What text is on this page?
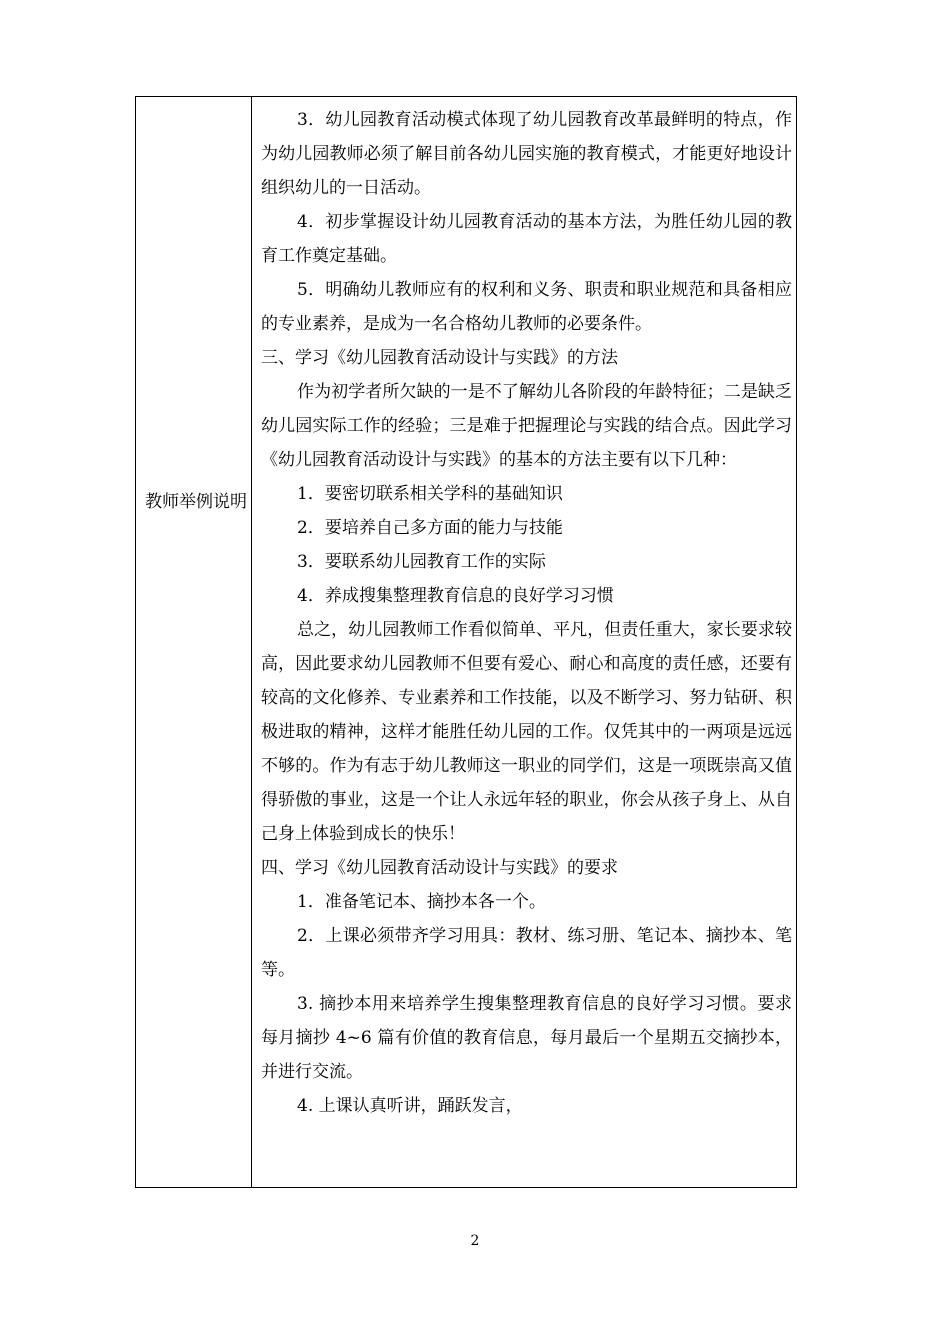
教师举例说明

3．幼儿园教育活动模式体现了幼儿园教育改革最鲜明的特点，作为幼儿园教师必须了解目前各幼儿园实施的教育模式，才能更好地设计组织幼儿的一日活动。

4．初步掌握设计幼儿园教育活动的基本方法，为胜任幼儿园的教育工作奠定基础。

5．明确幼儿教师应有的权利和义务、职责和职业规范和具备相应的专业素养，是成为一名合格幼儿教师的必要条件。

三、学习《幼儿园教育活动设计与实践》的方法

作为初学者所欠缺的一是不了解幼儿各阶段的年龄特征；二是缺乏幼儿园实际工作的经验；三是难于把握理论与实践的结合点。因此学习《幼儿园教育活动设计与实践》的基本的方法主要有以下几种：

1．要密切联系相关学科的基础知识

2．要培养自己多方面的能力与技能

3．要联系幼儿园教育工作的实际

4．养成搜集整理教育信息的良好学习习惯

总之，幼儿园教师工作看似简单、平凡，但责任重大，家长要求较高，因此要求幼儿园教师不但要有爱心、耐心和高度的责任感，还要有较高的文化修养、专业素养和工作技能，以及不断学习、努力钻研、积极进取的精神，这样才能胜任幼儿园的工作。仅凭其中的一两项是远远不够的。作为有志于幼儿教师这一职业的同学们，这是一项既崇高又值得骄傲的事业，这是一个让人永远年轻的职业，你会从孩子身上、从自己身上体验到成长的快乐！

四、学习《幼儿园教育活动设计与实践》的要求

1．准备笔记本、摘抄本各一个。

2．上课必须带齐学习用具：教材、练习册、笔记本、摘抄本、笔等。

3. 摘抄本用来培养学生搜集整理教育信息的良好学习习惯。要求每月摘抄 4~6 篇有价值的教育信息，每月最后一个星期五交摘抄本，并进行交流。

4. 上课认真听讲，踊跃发言，

2
